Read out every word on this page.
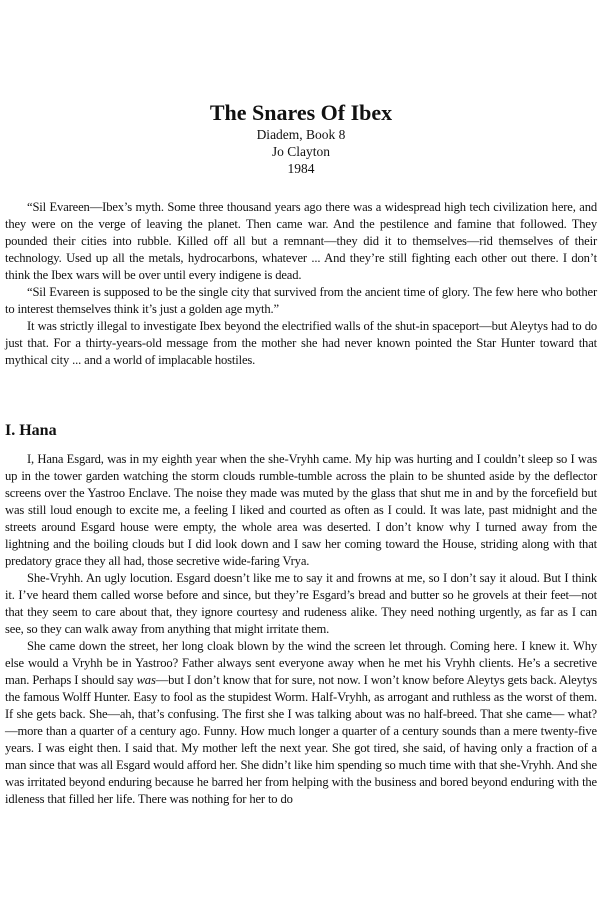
The Snares Of Ibex
Diadem, Book 8
Jo Clayton
1984

“Sil Evareen—Ibex’s myth. Some three thousand years ago there was a widespread high tech civilization here, and they were on the verge of leaving the planet. Then came war. And the pestilence and famine that followed. They pounded their cities into rubble. Killed off all but a remnant—they did it to themselves—rid themselves of their technology. Used up all the metals, hydrocarbons, whatever ... And they’re still fighting each other out there. I don’t think the Ibex wars will be over until every indigene is dead.

“Sil Evareen is supposed to be the single city that survived from the ancient time of glory. The few here who bother to interest themselves think it’s just a golden age myth.”

It was strictly illegal to investigate Ibex beyond the electrified walls of the shut-in spaceport—but Aleytys had to do just that. For a thirty-years-old message from the mother she had never known pointed the Star Hunter toward that mythical city ... and a world of implacable hostiles.

I. Hana

I, Hana Esgard, was in my eighth year when the she-Vryhh came. My hip was hurting and I couldn’t sleep so I was up in the tower garden watching the storm clouds rumble-tumble across the plain to be shunted aside by the deflector screens over the Yastroo Enclave. The noise they made was muted by the glass that shut me in and by the forcefield but was still loud enough to excite me, a feeling I liked and courted as often as I could. It was late, past midnight and the streets around Esgard house were empty, the whole area was deserted. I don’t know why I turned away from the lightning and the boiling clouds but I did look down and I saw her coming toward the House, striding along with that predatory grace they all had, those secretive wide-faring Vrya.

She-Vryhh. An ugly locution. Esgard doesn’t like me to say it and frowns at me, so I don’t say it aloud. But I think it. I’ve heard them called worse before and since, but they’re Esgard’s bread and butter so he grovels at their feet—not that they seem to care about that, they ignore courtesy and rudeness alike. They need nothing urgently, as far as I can see, so they can walk away from anything that might irritate them.

She came down the street, her long cloak blown by the wind the screen let through. Coming here. I knew it. Why else would a Vryhh be in Yastroo? Father always sent everyone away when he met his Vryhh clients. He’s a secretive man. Perhaps I should say was—but I don’t know that for sure, not now. I won’t know before Aleytys gets back. Aleytys the famous Wolff Hunter. Easy to fool as the stupidest Worm. Half-Vryhh, as arrogant and ruthless as the worst of them. If she gets back. She—ah, that’s confusing. The first she I was talking about was no half-breed. That she came— what?—more than a quarter of a century ago. Funny. How much longer a quarter of a century sounds than a mere twenty-five years. I was eight then. I said that. My mother left the next year. She got tired, she said, of having only a fraction of a man since that was all Esgard would afford her. She didn’t like him spending so much time with that she-Vryhh. And she was irritated beyond enduring because he barred her from helping with the business and bored beyond enduring with the idleness that filled her life. There was nothing for her to do
